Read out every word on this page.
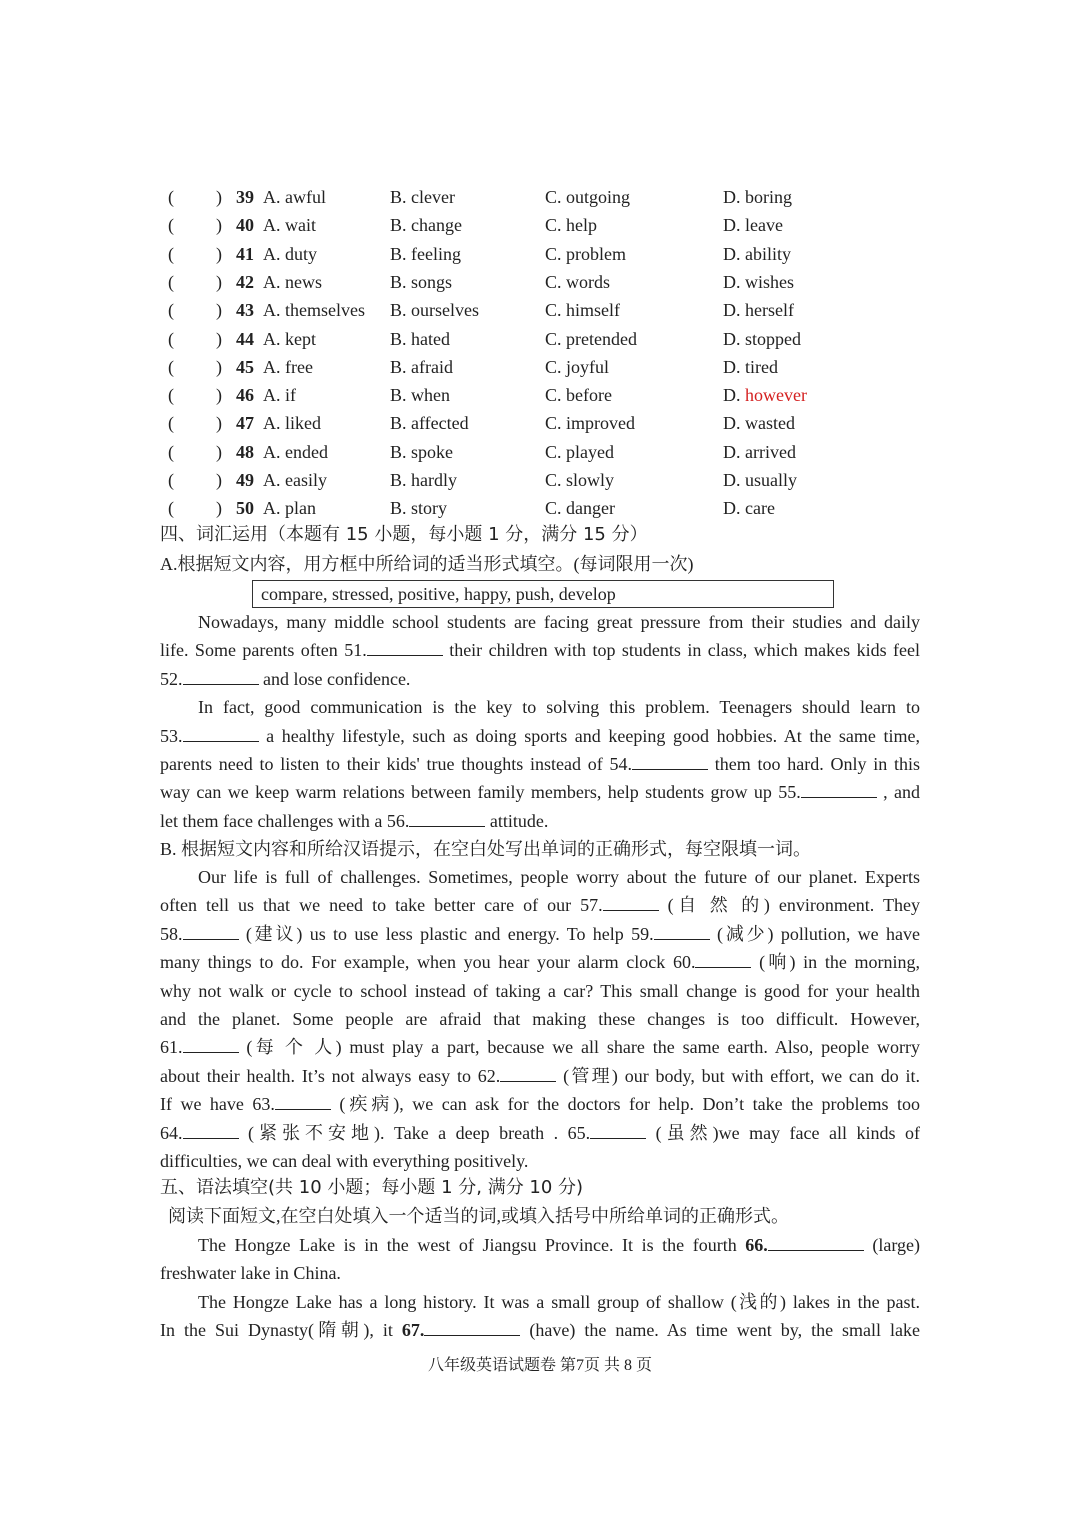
( ) 39 A. awful	B. clever	C. outgoing	D. boring
( ) 40 A. wait	B. change	C. help	D. leave
( ) 41 A. duty	B. feeling	C. problem	D. ability
( ) 42 A. news	B. songs	C. words	D. wishes
( ) 43 A. themselves B. ourselves	C. himself	D. herself
( ) 44 A. kept	B. hated	C. pretended	D. stopped
( ) 45 A. free	B. afraid	C. joyful	D. tired
( ) 46 A. if	B. when	C. before	D. however
( ) 47 A. liked	B. affected	C. improved	D. wasted
( ) 48 A. ended	B. spoke	C. played	D. arrived
( ) 49 A. easily	B. hardly	C. slowly	D. usually
( ) 50 A. plan	B. story	C. danger	D. care
四、词汇运用（本题有 15 小题，每小题 1 分，满分 15 分）
A.根据短文内容，用方框中所给词的适当形式填空。(每词限用一次)
compare, stressed, positive, happy, push, develop
Nowadays, many middle school students are facing great pressure from their studies and daily
life. Some parents often 51.	their children with top students in class, which makes kids feel
52.	and lose confidence.
In fact, good communication is the key to solving this problem. Teenagers should learn to
53.	a healthy lifestyle, such as doing sports and keeping good hobbies. At the same time,
parents need to listen to their kids' true thoughts instead of 54.	them too hard. Only in this
way can we keep warm relations between family members, help students grow up 55.	, and
let them face challenges with a 56.	attitude.
B. 根据短文内容和所给汉语提示，在空白处写出单词的正确形式，每空限填一词。
Our life is full of challenges. Sometimes, people worry about the future of our planet. Experts
often tell us that we need to take better care of our 57.	(自 然 的) environment. They
58.	(建议) us to use less plastic and energy. To help 59.	(减少) pollution, we have
many things to do. For example, when you hear your alarm clock 60.	(响) in the morning,
why not walk or cycle to school instead of taking a car? This small change is good for your health
and the planet. Some people are afraid that making these changes is too difficult. However,
61.	(每 个 人) must play a part, because we all share the same earth. Also, people worry
about their health. It’s not always easy to 62.	(管理) our body, but with effort, we can do it.
If we have 63.	(疾病), we can ask for the doctors for help. Don’t take the problems too
64.	(紧张不安地). Take a deep breath . 65.	(虽然)we may face all kinds of
difficulties, we can deal with everything positively.
五、语法填空(共 10 小题；每小题 1 分, 满分 10 分)
阅读下面短文,在空白处填入一个适当的词,或填入括号中所给单词的正确形式。
The Hongze Lake is in the west of Jiangsu Province. It is the fourth 66.	(large)
freshwater lake in China.
The Hongze Lake has a long history. It was a small group of shallow (浅的) lakes in the past.
In the Sui Dynasty(隋朝), it 67.	(have) the name. As time went by, the small lake
八年级英语试题卷 第7页 共 8 页
